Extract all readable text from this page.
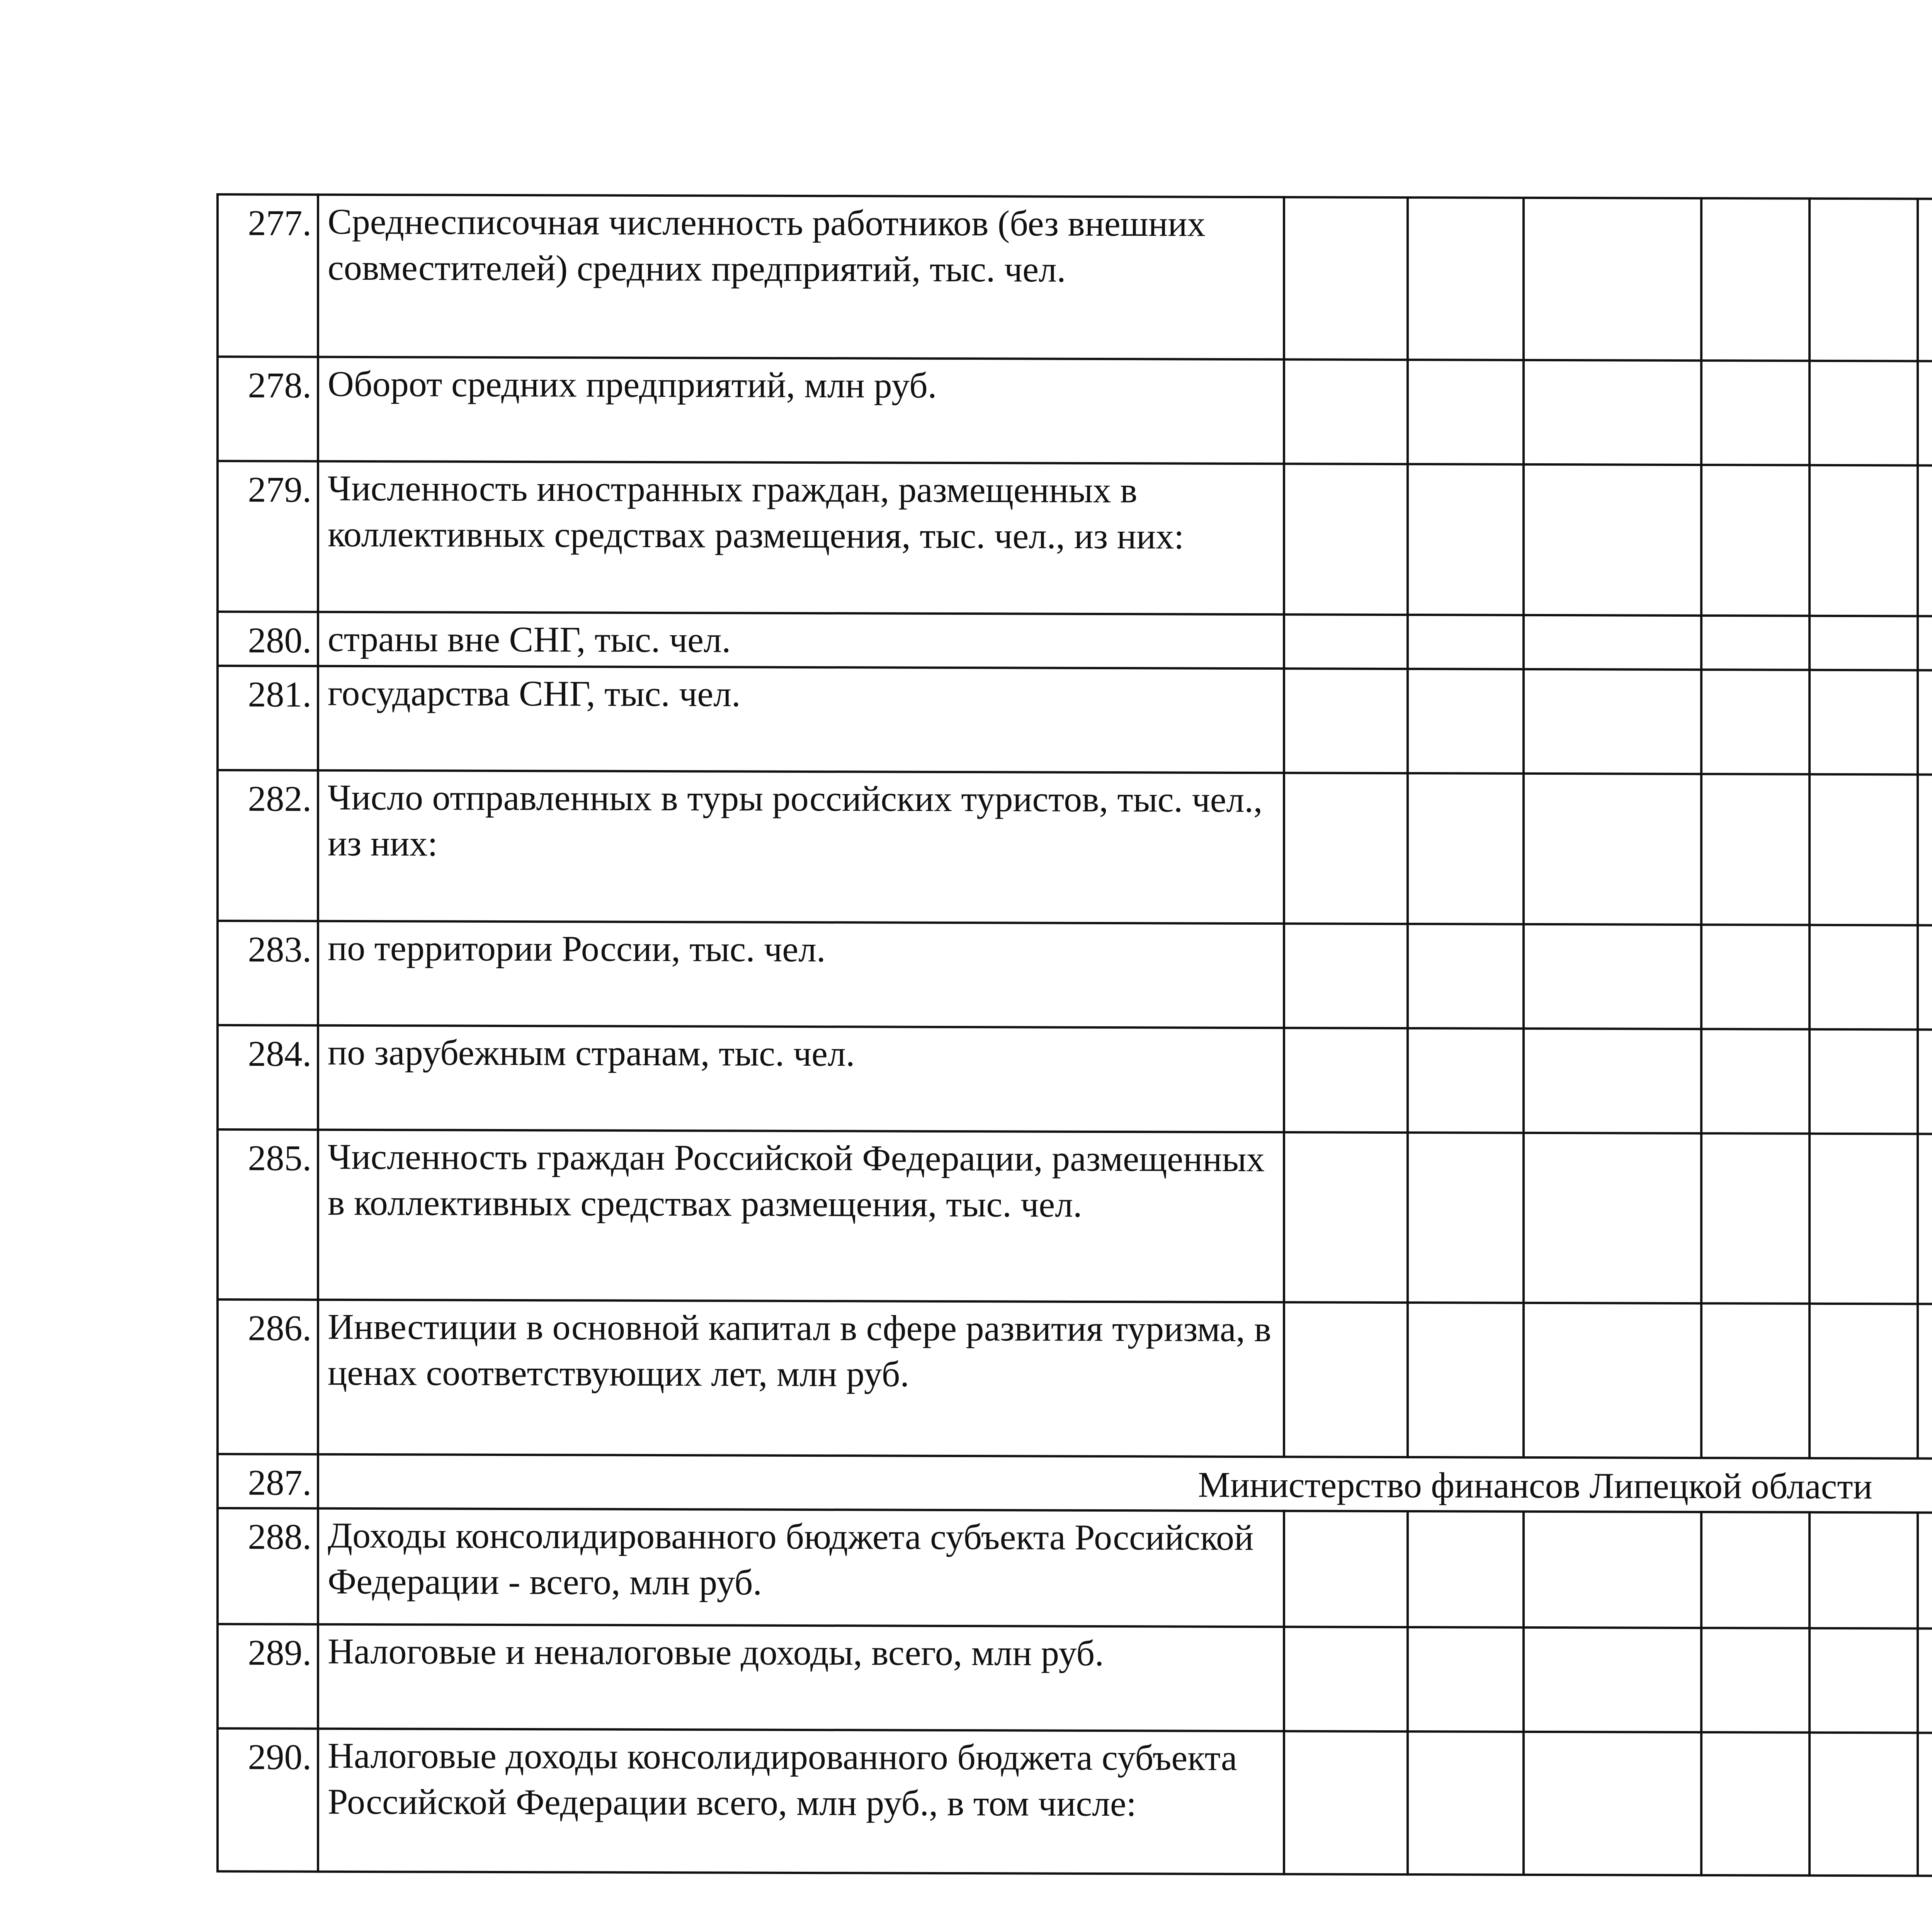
277.	Среднесписочная численность работников (без внешних совместителей) средних предприятий, тыс. чел.											
278.	Оборот средних предприятий, млн руб.											
279.	Численность иностранных граждан, размещенных в коллективных средствах размещения, тыс. чел., из них:											
280.	страны вне СНГ, тыс. чел.											
281.	государства СНГ, тыс. чел.											
282.	Число отправленных в туры российских туристов, тыс. чел., из них:											
283.	по территории России, тыс. чел.											
284.	по зарубежным странам, тыс. чел.											
285.	Численность граждан Российской Федерации, размещенных в коллективных средствах размещения, тыс. чел.											
286.	Инвестиции в основной капитал в сфере развития туризма, в ценах соответствующих лет, млн руб.											
287.	Министерство финансов Липецкой области											
288.	Доходы консолидированного бюджета субъекта Российской Федерации - всего, млн руб.											
289.	Налоговые и неналоговые доходы, всего, млн руб.											
290.	Налоговые доходы консолидированного бюджета субъекта Российской Федерации всего, млн руб., в том числе:											
